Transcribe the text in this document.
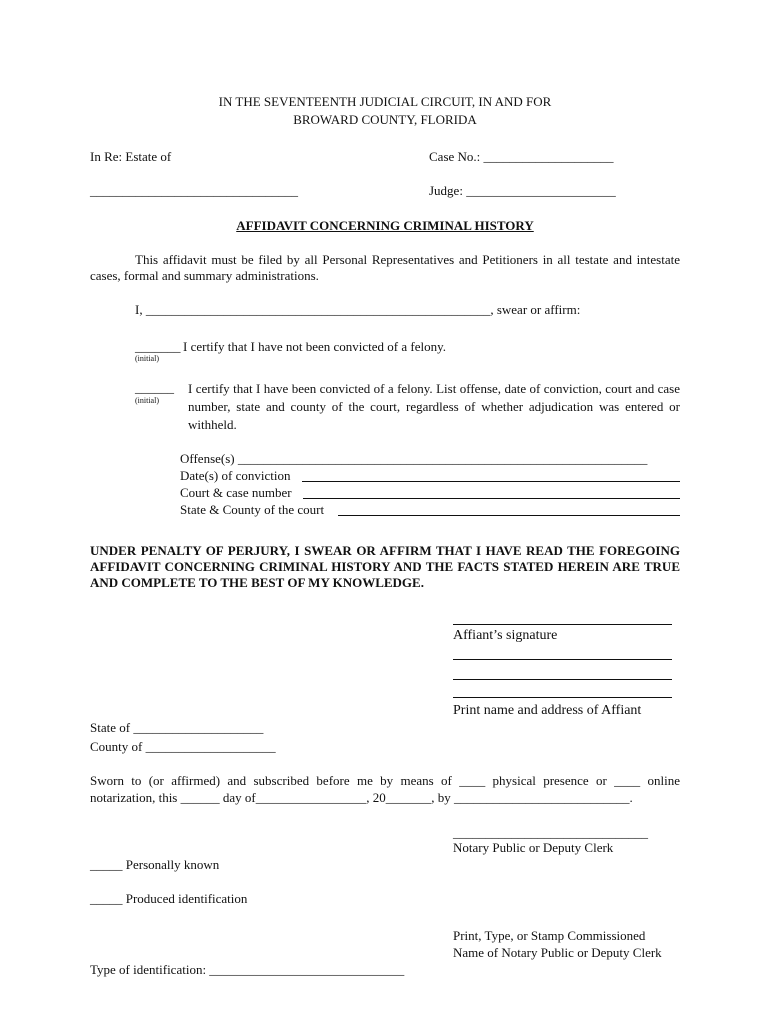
IN THE SEVENTEENTH JUDICIAL CIRCUIT, IN AND FOR
BROWARD COUNTY, FLORIDA
In Re: Estate of	Case No.: ____________________
________________________________	Judge: _______________________
AFFIDAVIT CONCERNING CRIMINAL HISTORY
This affidavit must be filed by all Personal Representatives and Petitioners in all testate and intestate cases, formal and summary administrations.
I, _____________________________________________________, swear or affirm:
_______ I certify that I have not been convicted of a felony.
(initial)
______
(initial)
I certify that I have been convicted of a felony. List offense, date of conviction, court and case number, state and county of the court, regardless of whether adjudication was entered or withheld.
Offense(s) _______________________________________________________________
Date(s) of conviction
Court & case number
State & County of the court
UNDER PENALTY OF PERJURY, I SWEAR OR AFFIRM THAT I HAVE READ THE FOREGOING AFFIDAVIT CONCERNING CRIMINAL HISTORY AND THE FACTS STATED HEREIN ARE TRUE AND COMPLETE TO THE BEST OF MY KNOWLEDGE.
Affiant’s signature
Print name and address of Affiant
State of ____________________
County of ____________________
Sworn to (or affirmed) and subscribed before me by means of ____ physical presence or ____ online
notarization, this ______ day of_________________, 20_______, by ___________________________.
______________________________
Notary Public or Deputy Clerk
_____ Personally known
_____ Produced identification
Print, Type, or Stamp Commissioned
Name of Notary Public or Deputy Clerk
Type of identification: ______________________________
